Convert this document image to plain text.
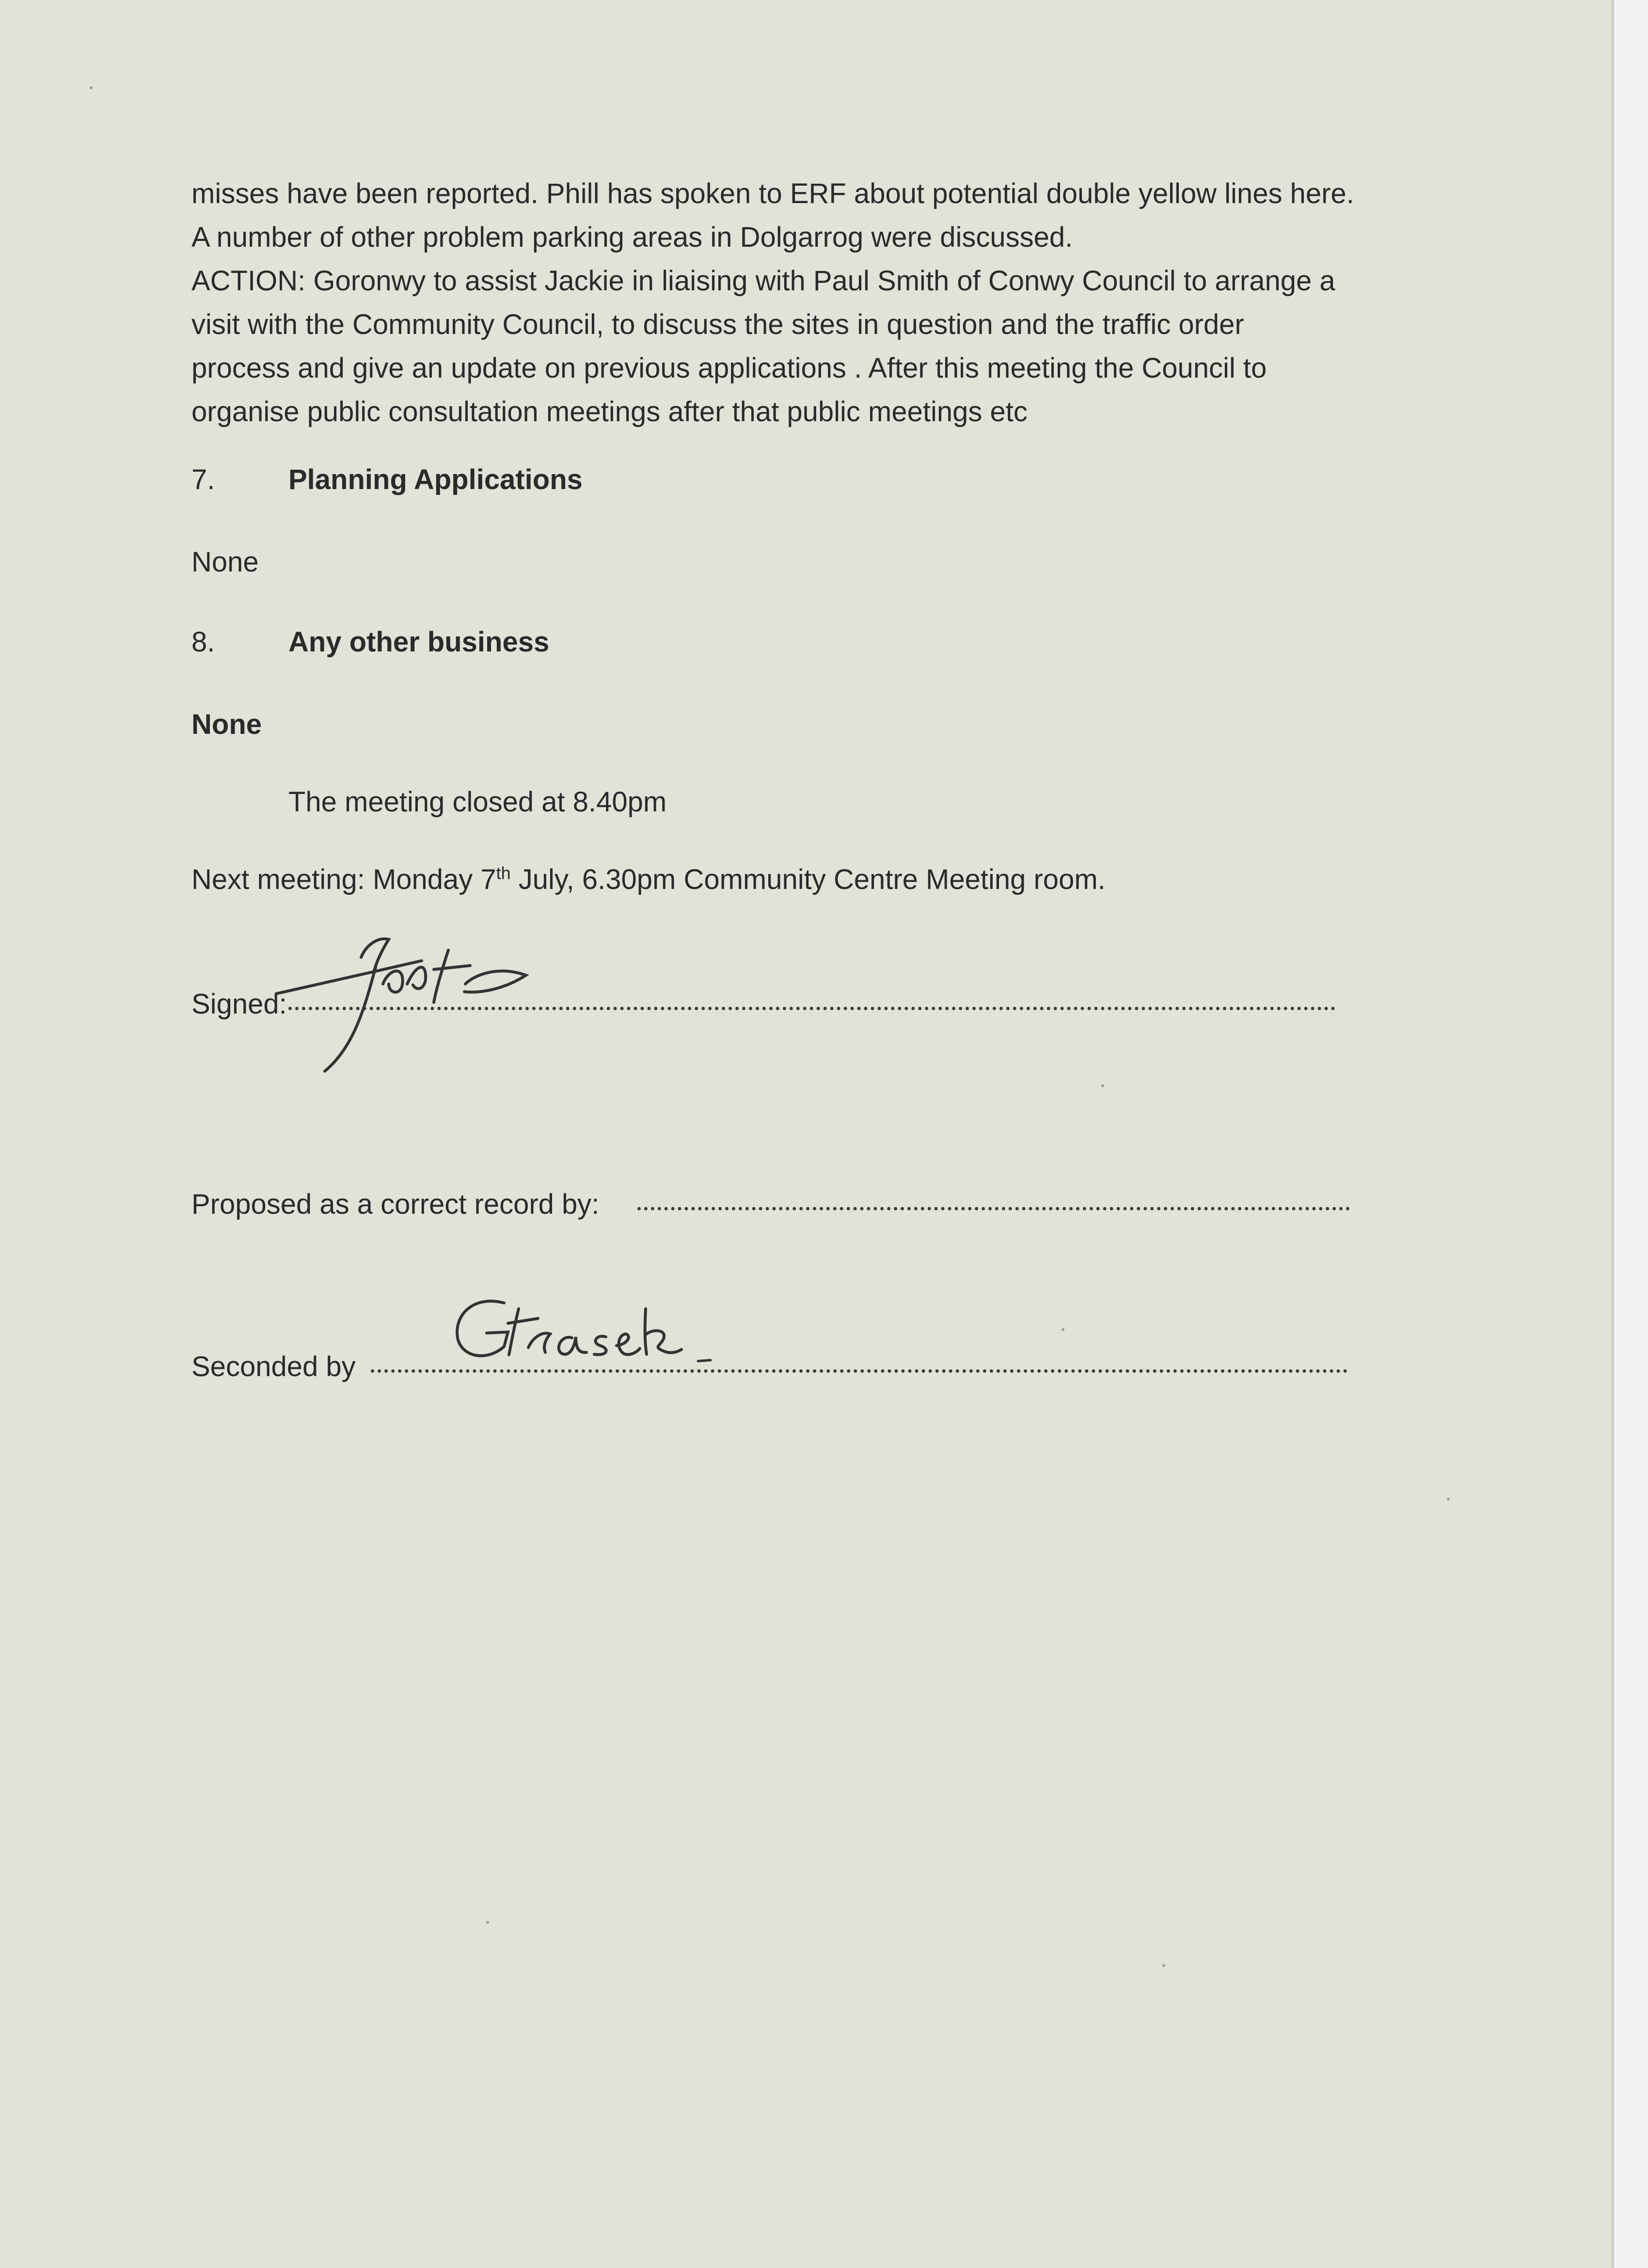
misses have been reported. Phill has spoken to ERF about potential double yellow lines here.
A number of other problem parking areas in Dolgarrog were discussed.
ACTION: Goronwy to assist Jackie in liaising with Paul Smith of Conwy Council to arrange a
visit with the Community Council, to discuss the sites in question and the traffic order
process and give an update on previous applications . After this meeting the Council to
organise public consultation meetings after that public meetings etc

7.	Planning Applications
None
8.	Any other business
None
The meeting closed at 8.40pm
Next meeting: Monday 7th July, 6.30pm Community Centre Meeting room.
Signed:
Proposed as a correct record by:
Seconded by
